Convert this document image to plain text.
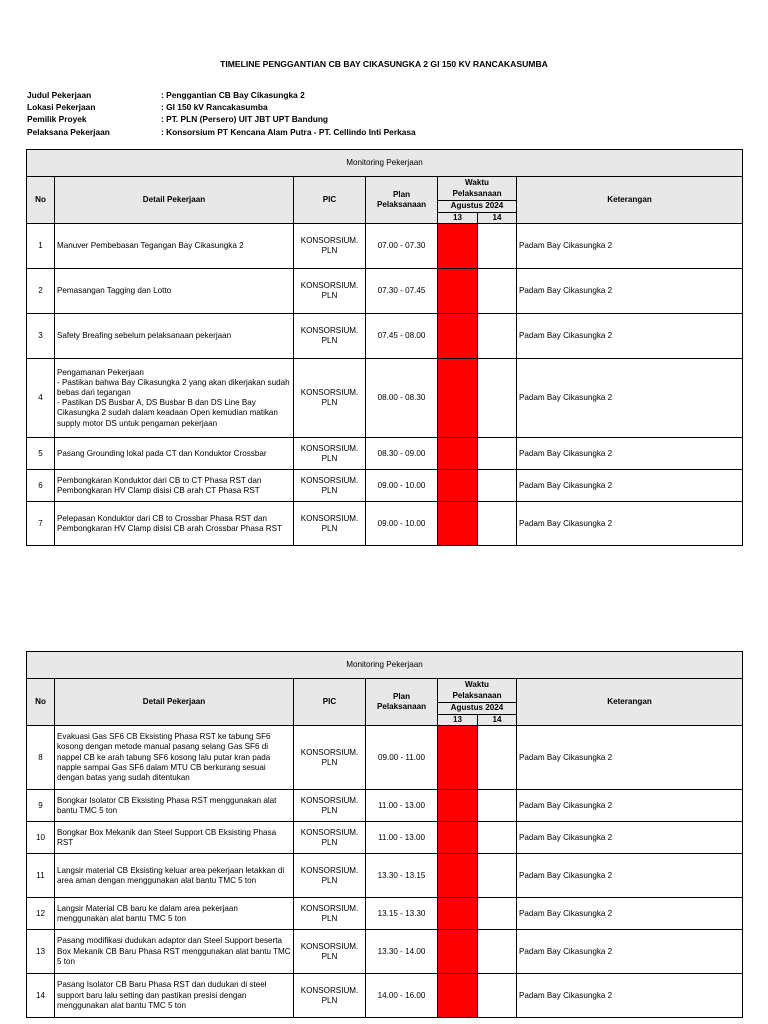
TIMELINE PENGGANTIAN CB BAY CIKASUNGKA 2 GI 150 KV RANCAKASUMBA
Judul Pekerjaan	: Penggantian CB Bay Cikasungka 2
Lokasi Pekerjaan	: GI 150 kV Rancakasumba
Pemilik Proyek	: PT. PLN (Persero) UIT JBT UPT Bandung
Pelaksana Pekerjaan	: Konsorsium PT Kencana Alam Putra - PT. Cellindo Inti Perkasa
Monitoring Pekerjaan						
No	Detail Pekerjaan	PIC	Plan Pelaksanaan	Waktu Pelaksanaan		Keterangan
				Agustus 2024		
				13	14	
1	Manuver Pembebasan Tegangan Bay Cikasungka 2	KONSORSIUM. PLN	07.00 - 07.30			Padam Bay Cikasungka 2
2	Pemasangan Tagging dan Lotto	KONSORSIUM. PLN	07.30 - 07.45			Padam Bay Cikasungka 2
3	Safety Breafing sebelum pelaksanaan pekerjaan	KONSORSIUM. PLN	07.45 - 08.00			Padam Bay Cikasungka 2
4	Pengamanan Pekerjaan
- Pastikan bahwa Bay Cikasungka 2 yang akan dikerjakan sudah bebas dari tegangan
- Pastikan DS Busbar A, DS Busbar B dan DS Line Bay Cikasungka 2 sudah dalam keadaan Open kemudian matikan supply motor DS untuk pengaman pekerjaan	KONSORSIUM. PLN	08.00 - 08.30			Padam Bay Cikasungka 2
5	Pasang Grounding lokal pada CT dan Konduktor Crossbar	KONSORSIUM. PLN	08.30 - 09.00			Padam Bay Cikasungka 2
6	Pembongkaran Konduktor dari CB to CT Phasa RST dan Pembongkaran HV Clamp disisi CB arah CT Phasa RST	KONSORSIUM. PLN	09.00 - 10.00			Padam Bay Cikasungka 2
7	Pelepasan Konduktor dari CB to Crossbar Phasa RST dan Pembongkaran HV Clamp disisi CB arah Crossbar Phasa RST	KONSORSIUM. PLN	09.00 - 10.00			Padam Bay Cikasungka 2
Monitoring Pekerjaan						
No	Detail Pekerjaan	PIC	Plan Pelaksanaan	Waktu Pelaksanaan		Keterangan
				Agustus 2024		
				13	14	
8	Evakuasi Gas SF6 CB Eksisting Phasa RST ke tabung SF6 kosong dengan metode manual pasang selang Gas SF6 di nappel CB ke arah tabung SF6 kosong lalu putar kran pada napple sampai Gas SF6 dalam MTU CB berkurang sesuai dengan batas yang sudah ditentukan	KONSORSIUM. PLN	09.00 - 11.00			Padam Bay Cikasungka 2
9	Bongkar Isolator CB Eksisting Phasa RST menggunakan alat bantu TMC 5 ton	KONSORSIUM. PLN	11.00 - 13.00			Padam Bay Cikasungka 2
10	Bongkar Box Mekanik dan Steel Support CB Eksisting Phasa RST	KONSORSIUM. PLN	11.00 - 13.00			Padam Bay Cikasungka 2
11	Langsir material CB Eksisting keluar area pekerjaan letakkan di area aman dengan menggunakan alat bantu TMC 5 ton	KONSORSIUM. PLN	13.30 - 13.15			Padam Bay Cikasungka 2
12	Langsir Material CB baru ke dalam area pekerjaan menggunakan alat bantu TMC 5 ton	KONSORSIUM. PLN	13.15 - 13.30			Padam Bay Cikasungka 2
13	Pasang modifikasi dudukan adaptor dan Steel Support beserta Box Mekanik CB Baru Phasa RST menggunakan alat bantu TMC 5 ton	KONSORSIUM. PLN	13.30 - 14.00			Padam Bay Cikasungka 2
14	Pasang Isolator CB Baru Phasa RST dan dudukan di steel support baru lalu setting dan pastikan presisi dengan menggunakan alat bantu TMC 5 ton	KONSORSIUM. PLN	14.00 - 16.00			Padam Bay Cikasungka 2
